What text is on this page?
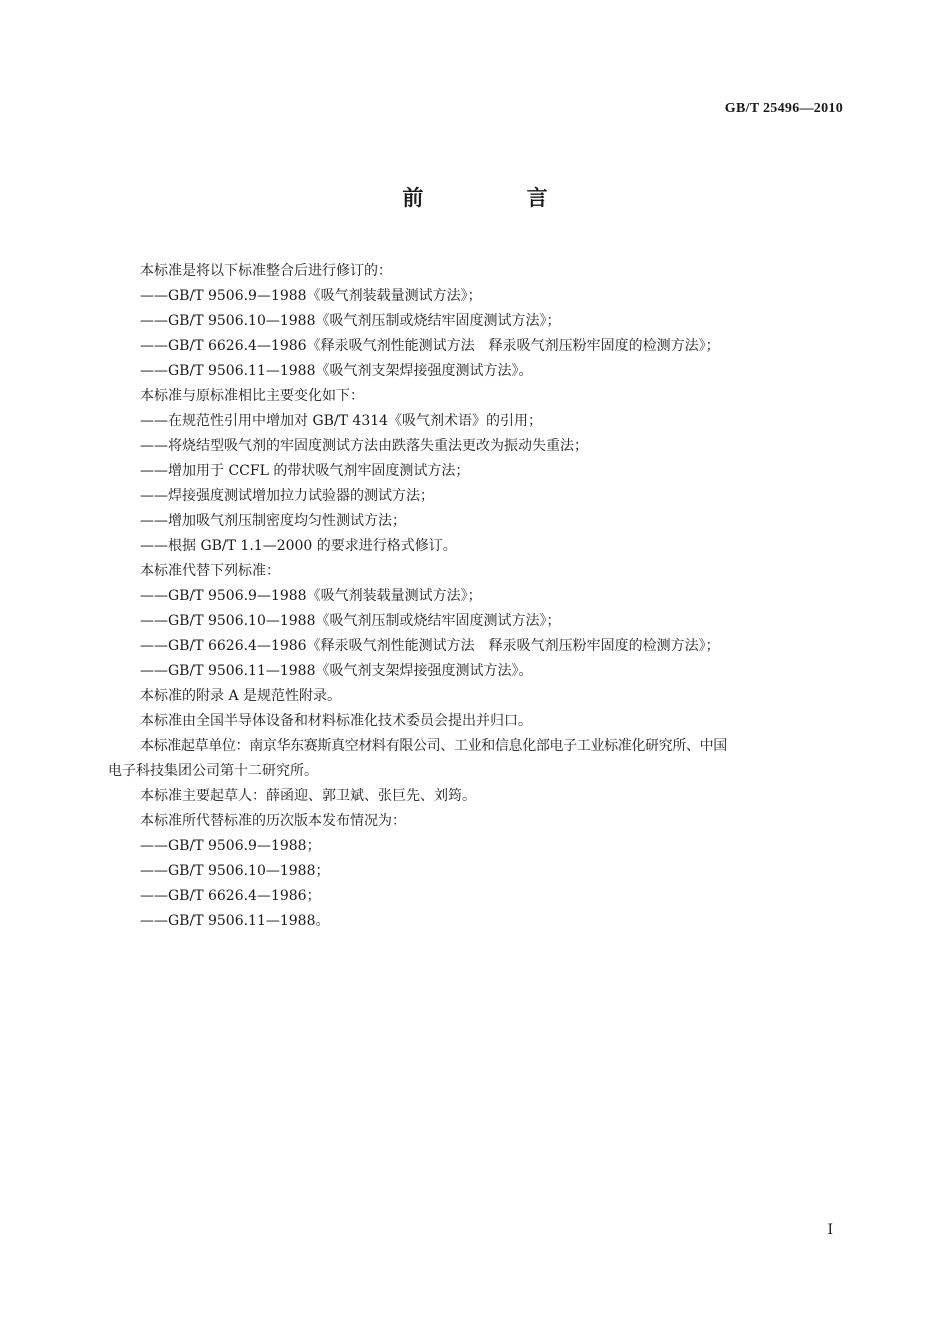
GB/T 25496—2010
前 言
本标准是将以下标准整合后进行修订的：
——GB/T 9506.9—1988《吸气剂装载量测试方法》；
——GB/T 9506.10—1988《吸气剂压制或烧结牢固度测试方法》；
——GB/T 6626.4—1986《释汞吸气剂性能测试方法　释汞吸气剂压粉牢固度的检测方法》；
——GB/T 9506.11—1988《吸气剂支架焊接强度测试方法》。
本标准与原标准相比主要变化如下：
——在规范性引用中增加对 GB/T 4314《吸气剂术语》的引用；
——将烧结型吸气剂的牢固度测试方法由跌落失重法更改为振动失重法；
——增加用于 CCFL 的带状吸气剂牢固度测试方法；
——焊接强度测试增加拉力试验器的测试方法；
——增加吸气剂压制密度均匀性测试方法；
——根据 GB/T 1.1—2000 的要求进行格式修订。
本标准代替下列标准：
——GB/T 9506.9—1988《吸气剂装载量测试方法》；
——GB/T 9506.10—1988《吸气剂压制或烧结牢固度测试方法》；
——GB/T 6626.4—1986《释汞吸气剂性能测试方法　释汞吸气剂压粉牢固度的检测方法》；
——GB/T 9506.11—1988《吸气剂支架焊接强度测试方法》。
本标准的附录 A 是规范性附录。
本标准由全国半导体设备和材料标准化技术委员会提出并归口。
本标准起草单位：南京华东赛斯真空材料有限公司、工业和信息化部电子工业标准化研究所、中国
电子科技集团公司第十二研究所。
本标准主要起草人：薛函迎、郭卫斌、张巨先、刘筠。
本标准所代替标准的历次版本发布情况为：
——GB/T 9506.9—1988；
——GB/T 9506.10—1988；
——GB/T 6626.4—1986；
——GB/T 9506.11—1988。
I
